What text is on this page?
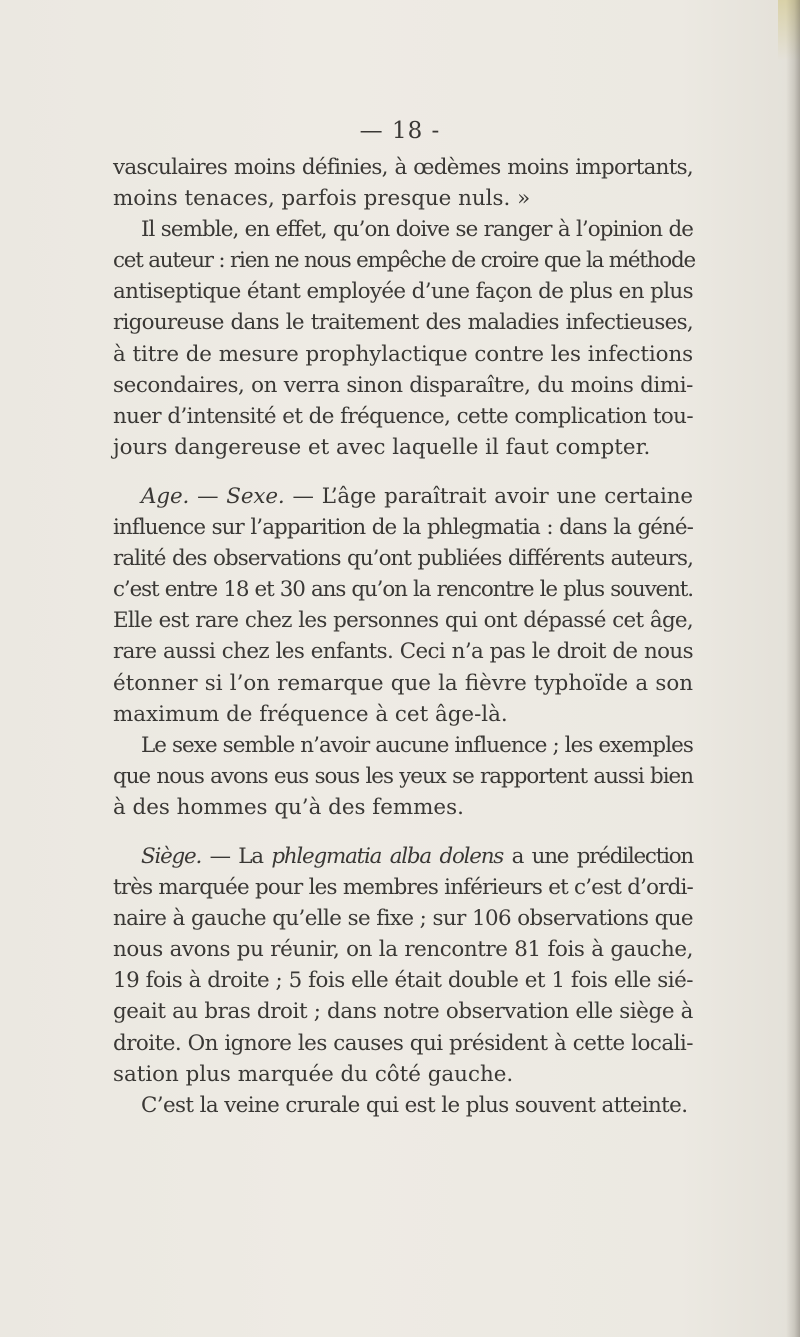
— 18 -

vasculaires moins définies, à œdèmes moins importants,
moins tenaces, parfois presque nuls. »

Il semble, en effet, qu’on doive se ranger à l’opinion de
cet auteur : rien ne nous empêche de croire que la méthode
antiseptique étant employée d’une façon de plus en plus
rigoureuse dans le traitement des maladies infectieuses,
à titre de mesure prophylactique contre les infections
secondaires, on verra sinon disparaître, du moins dimi-
nuer d’intensité et de fréquence, cette complication tou-
jours dangereuse et avec laquelle il faut compter.

Age. — Sexe. — L’âge paraîtrait avoir une certaine
influence sur l’apparition de la phlegmatia : dans la géné-
ralité des observations qu’ont publiées différents auteurs,
c’est entre 18 et 30 ans qu’on la rencontre le plus souvent.
Elle est rare chez les personnes qui ont dépassé cet âge,
rare aussi chez les enfants. Ceci n’a pas le droit de nous
étonner si l’on remarque que la fièvre typhoïde a son
maximum de fréquence à cet âge-là.

Le sexe semble n’avoir aucune influence ; les exemples
que nous avons eus sous les yeux se rapportent aussi bien
à des hommes qu’à des femmes.

Siège. — La phlegmatia alba dolens a une prédilection
très marquée pour les membres inférieurs et c’est d’ordi-
naire à gauche qu’elle se fixe ; sur 106 observations que
nous avons pu réunir, on la rencontre 81 fois à gauche,
19 fois à droite ; 5 fois elle était double et 1 fois elle sié-
geait au bras droit ; dans notre observation elle siège à
droite. On ignore les causes qui président à cette locali-
sation plus marquée du côté gauche.

C’est la veine crurale qui est le plus souvent atteinte.
